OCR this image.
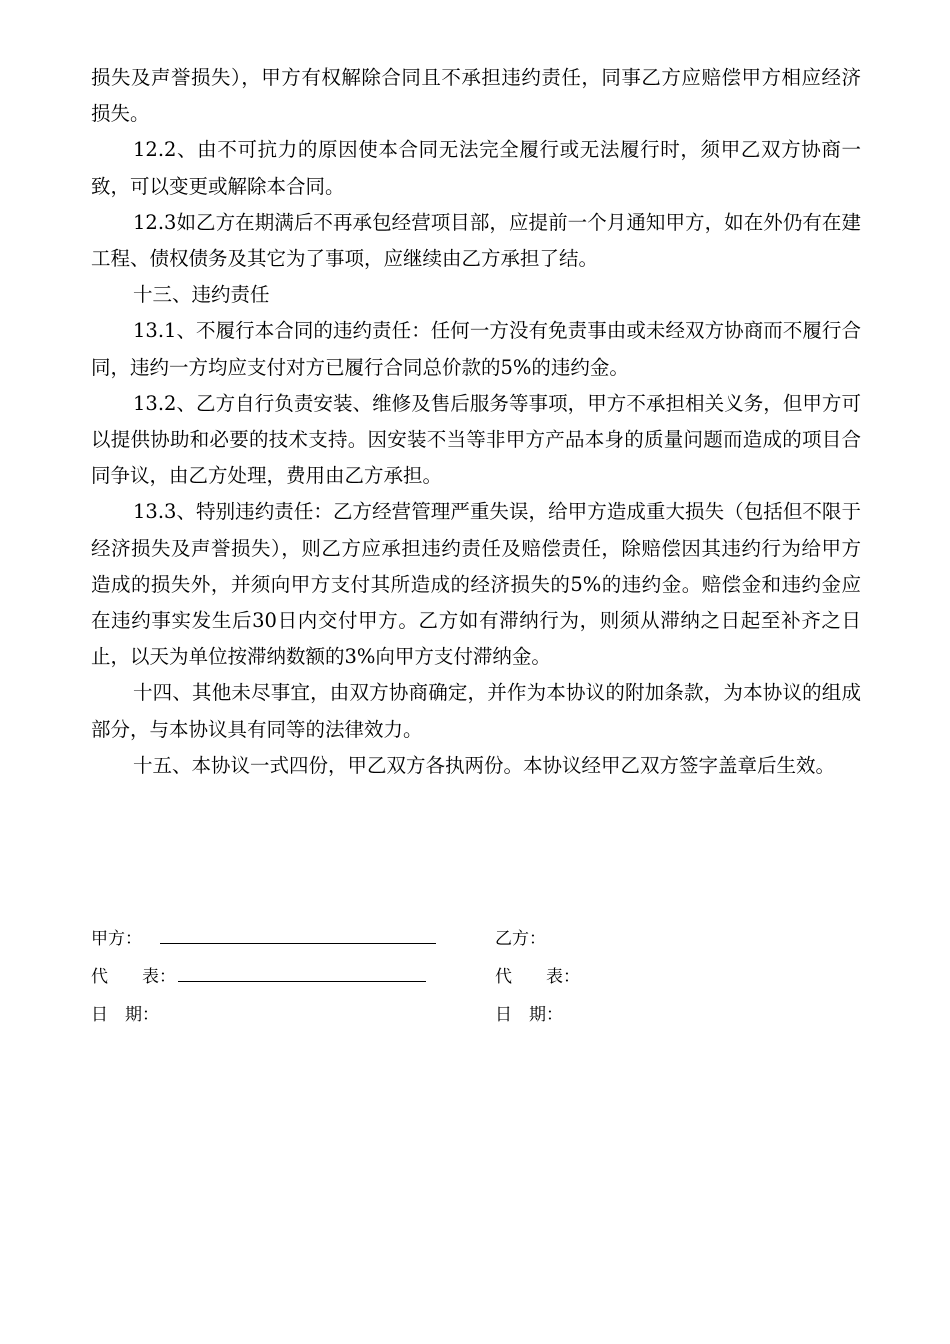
损失及声誉损失），甲方有权解除合同且不承担违约责任，同事乙方应赔偿甲方相应经济损失。

12.2、由不可抗力的原因使本合同无法完全履行或无法履行时，须甲乙双方协商一致，可以变更或解除本合同。

12.3如乙方在期满后不再承包经营项目部，应提前一个月通知甲方，如在外仍有在建工程、债权债务及其它为了事项，应继续由乙方承担了结。

十三、违约责任

13.1、不履行本合同的违约责任：任何一方没有免责事由或未经双方协商而不履行合同，违约一方均应支付对方已履行合同总价款的5%的违约金。

13.2、乙方自行负责安装、维修及售后服务等事项，甲方不承担相关义务，但甲方可以提供协助和必要的技术支持。因安装不当等非甲方产品本身的质量问题而造成的项目合同争议，由乙方处理，费用由乙方承担。

13.3、特别违约责任：乙方经营管理严重失误，给甲方造成重大损失（包括但不限于经济损失及声誉损失），则乙方应承担违约责任及赔偿责任，除赔偿因其违约行为给甲方造成的损失外，并须向甲方支付其所造成的经济损失的5%的违约金。赔偿金和违约金应在违约事实发生后30日内交付甲方。乙方如有滞纳行为，则须从滞纳之日起至补齐之日止，以天为单位按滞纳数额的3%向甲方支付滞纳金。

十四、其他未尽事宜，由双方协商确定，并作为本协议的附加条款，为本协议的组成部分，与本协议具有同等的法律效力。

十五、本协议一式四份，甲乙双方各执两份。本协议经甲乙双方签字盖章后生效。

甲方：	乙方：
代　　表：	代　　表：
日　期：	日　期：
